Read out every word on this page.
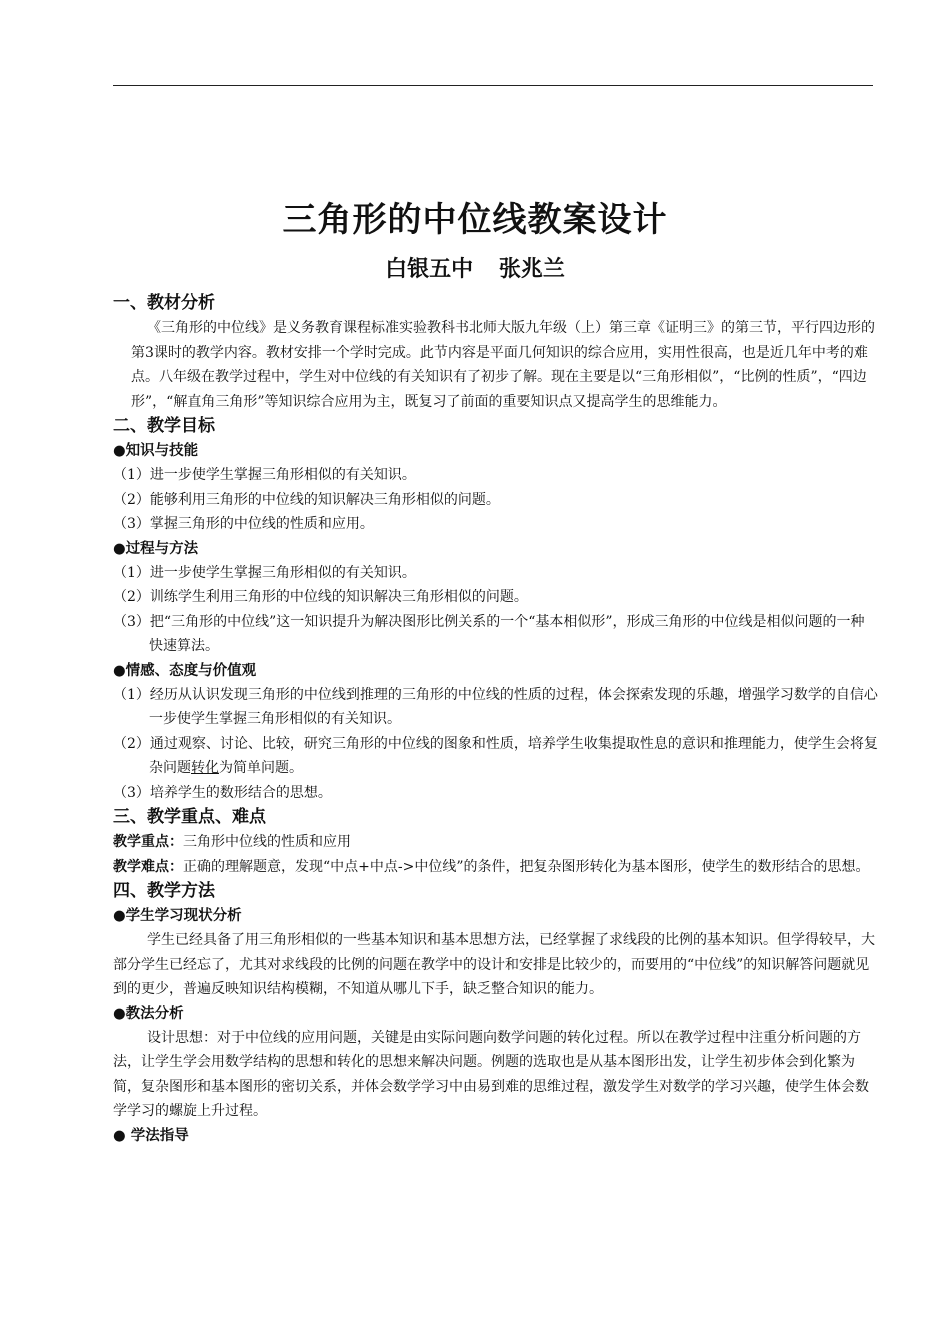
三角形的中位线教案设计
白银五中 张兆兰
一、教材分析
《三角形的中位线》是义务教育课程标准实验教科书北师大版九年级（上）第三章《证明三》的第三节，平行四边形的第3课时的教学内容。教材安排一个学时完成。此节内容是平面几何知识的综合应用，实用性很高，也是近几年中考的难点。八年级在教学过程中，学生对中位线的有关知识有了初步了解。现在主要是以“三角形相似”，“比例的性质”，“四边形”，“解直角三角形”等知识综合应用为主，既复习了前面的重要知识点又提高学生的思维能力。
二、教学目标
●知识与技能
（1）进一步使学生掌握三角形相似的有关知识。
（2）能够利用三角形的中位线的知识解决三角形相似的问题。
（3）掌握三角形的中位线的性质和应用。
●过程与方法
（1）进一步使学生掌握三角形相似的有关知识。
（2）训练学生利用三角形的中位线的知识解决三角形相似的问题。
（3）把“三角形的中位线”这一知识提升为解决图形比例关系的一个“基本相似形”，形成三角形的中位线是相似问题的一种快速算法。
●情感、态度与价值观
（1）经历从认识发现三角形的中位线到推理的三角形的中位线的性质的过程，体会探索发现的乐趣，增强学习数学的自信心一步使学生掌握三角形相似的有关知识。
（2）通过观察、讨论、比较，研究三角形的中位线的图象和性质，培养学生收集提取性息的意识和推理能力，使学生会将复杂问题转化为简单问题。
（3）培养学生的数形结合的思想。
三、教学重点、难点
教学重点：三角形中位线的性质和应用
教学难点：正确的理解题意，发现“中点+中点->中位线”的条件，把复杂图形转化为基本图形，使学生的数形结合的思想。
四、教学方法
●学生学习现状分析
学生已经具备了用三角形相似的一些基本知识和基本思想方法，已经掌握了求线段的比例的基本知识。但学得较早，大部分学生已经忘了，尤其对求线段的比例的问题在教学中的设计和安排是比较少的，而要用的“中位线”的知识解答问题就见到的更少，普遍反映知识结构模糊，不知道从哪儿下手，缺乏整合知识的能力。
●教法分析
设计思想：对于中位线的应用问题，关键是由实际问题向数学问题的转化过程。所以在教学过程中注重分析问题的方法，让学生学会用数学结构的思想和转化的思想来解决问题。例题的选取也是从基本图形出发，让学生初步体会到化繁为简，复杂图形和基本图形的密切关系，并体会数学学习中由易到难的思维过程，激发学生对数学的学习兴趣，使学生体会数学学习的螺旋上升过程。
● 学法指导
